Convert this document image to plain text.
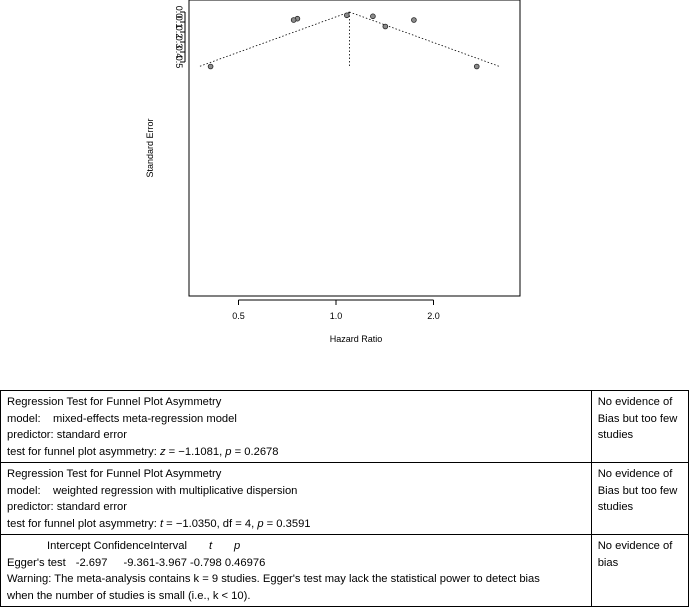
0.5	1.0	2.0
0.0
0.1
0.2
0.3
0.4
0.5
Hazard Ratio
Standard Error
Regression Test for Funnel Plot Asymmetry
model:    mixed-effects meta-regression model
predictor: standard error
test for funnel plot asymmetry: z = −1.1081, p = 0.2678	No evidence of Bias but too few studies

Regression Test for Funnel Plot Asymmetry
model:    weighted regression with multiplicative dispersion
predictor: standard error
test for funnel plot asymmetry: t = −1.0350, df = 4, p = 0.3591	No evidence of Bias but too few studies

Intercept ConfidenceInterval t p
Egger's test -2.697 -9.361-3.967 -0.798 0.46976
Warning: The meta-analysis contains k = 9 studies. Egger's test may lack the statistical power to detect bias
when the number of studies is small (i.e., k < 10).	No evidence of bias
